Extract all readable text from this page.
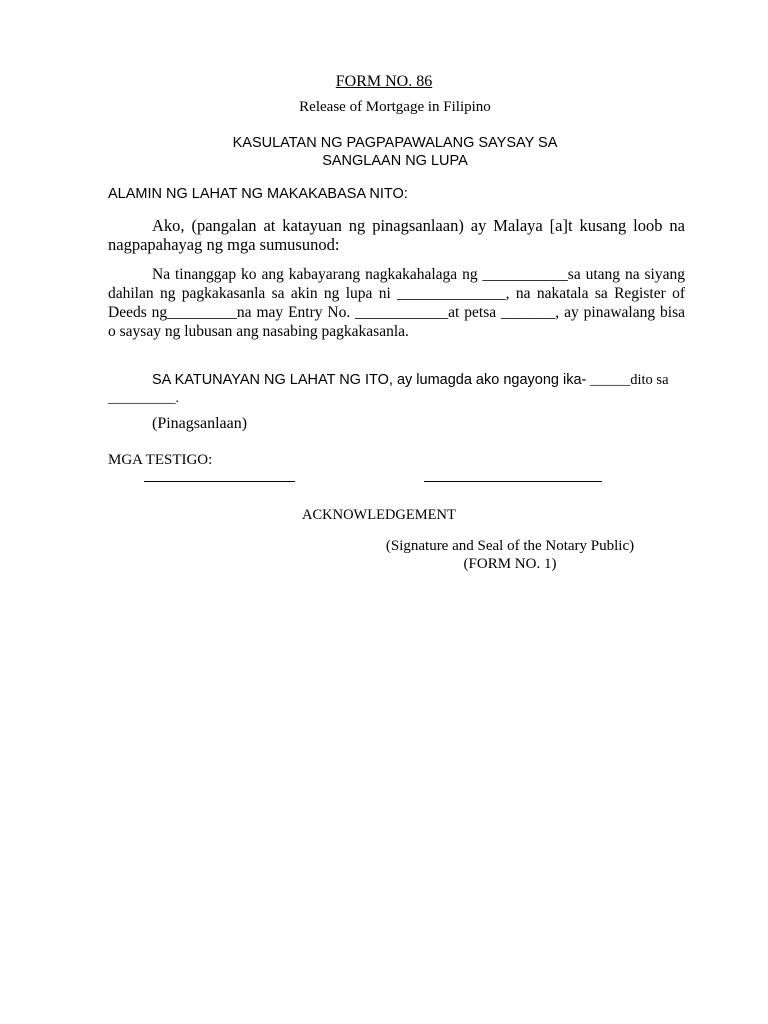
FORM NO. 86
Release of Mortgage in Filipino
KASULATAN NG PAGPAPAWALANG SAYSAY SA
SANGLAAN NG LUPA
ALAMIN NG LAHAT NG MAKAKABASA NITO:
Ako, (pangalan at katayuan ng pinagsanlaan) ay Malaya [a]t kusang loob na nagpapahayag ng mga sumusunod:
Na tinanggap ko ang kabayarang nagkakahalaga ng ___________sa utang na siyang dahilan ng pagkakasanla sa akin ng lupa ni ______________, na nakatala sa Register of Deeds ng_________na may Entry No. ____________at petsa _______, ay pinawalang bisa o saysay ng lubusan ang nasabing pagkakasanla.
SA KATUNAYAN NG LAHAT NG ITO, ay lumagda ako ngayong ika- ______dito sa __________.
(Pinagsanlaan)
MGA TESTIGO:
ACKNOWLEDGEMENT
(Signature and Seal of the Notary Public)
(FORM NO. 1)
